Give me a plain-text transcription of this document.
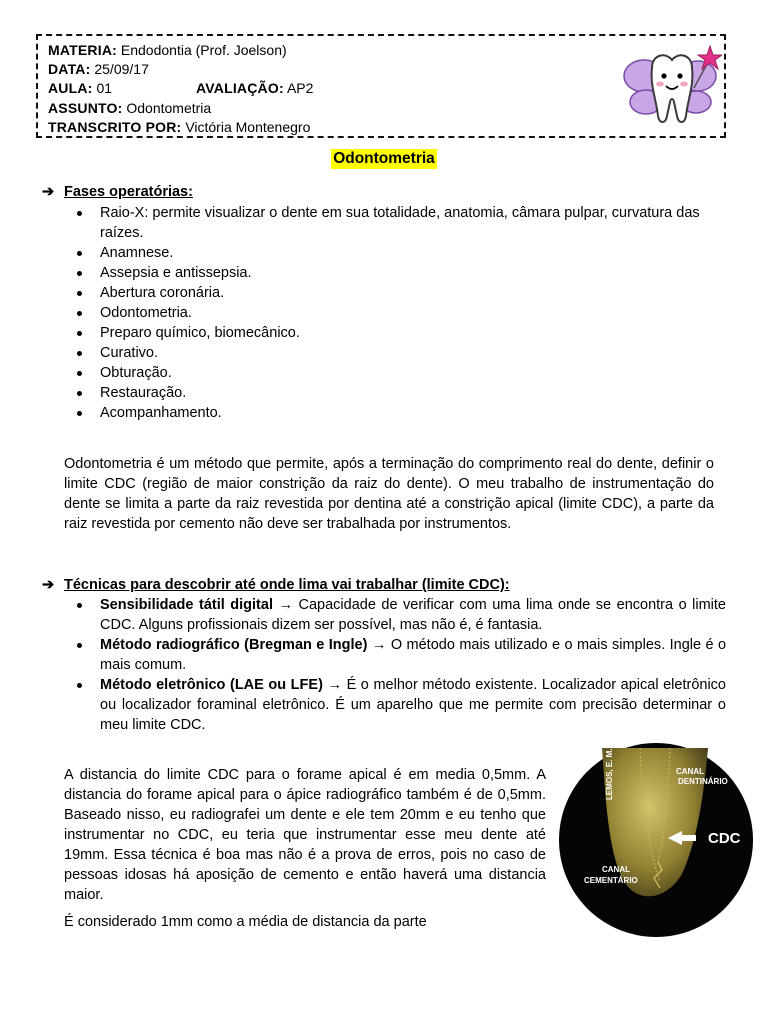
MATERIA: Endodontia (Prof. Joelson)
DATA: 25/09/17
AULA: 01	AVALIAÇÃO: AP2
ASSUNTO: Odontometria
TRANSCRITO POR: Victória Montenegro
Odontometria
➔ Fases operatórias:
Raio-X: permite visualizar o dente em sua totalidade, anatomia, câmara pulpar, curvatura das raízes.
Anamnese.
Assepsia e antissepsia.
Abertura coronária.
Odontometria.
Preparo químico, biomecânico.
Curativo.
Obturação.
Restauração.
Acompanhamento.

Odontometria é um método que permite, após a terminação do comprimento real do dente, definir o limite CDC (região de maior constrição da raiz do dente). O meu trabalho de instrumentação do dente se limita a parte da raiz revestida por dentina até a constrição apical (limite CDC), a parte da raiz revestida por cemento não deve ser trabalhada por instrumentos.

➔ Técnicas para descobrir até onde lima vai trabalhar (limite CDC):
Sensibilidade tátil digital → Capacidade de verificar com uma lima onde se encontra o limite CDC. Alguns profissionais dizem ser possível, mas não é, é fantasia.
Método radiográfico (Bregman e Ingle) → O método mais utilizado e o mais simples. Ingle é o mais comum.
Método eletrônico (LAE ou LFE) → É o melhor método existente. Localizador apical eletrônico ou localizador foraminal eletrônico. É um aparelho que me permite com precisão determinar o meu limite CDC.

A distancia do limite CDC para o forame apical é em media 0,5mm. A distancia do forame apical para o ápice radiográfico também é de 0,5mm. Baseado nisso, eu radiografei um dente e ele tem 20mm e eu tenho que instrumentar no CDC, eu teria que instrumentar esse meu dente até 19mm. Essa técnica é boa mas não é a prova de erros, pois no caso de pessoas idosas há aposição de cemento e então haverá uma distancia maior.

É considerado 1mm como a média de distancia da parte

LEMOS, E. M.	CANAL
DENTINÁRIO
CDC
CANAL
CEMENTÁRIO
